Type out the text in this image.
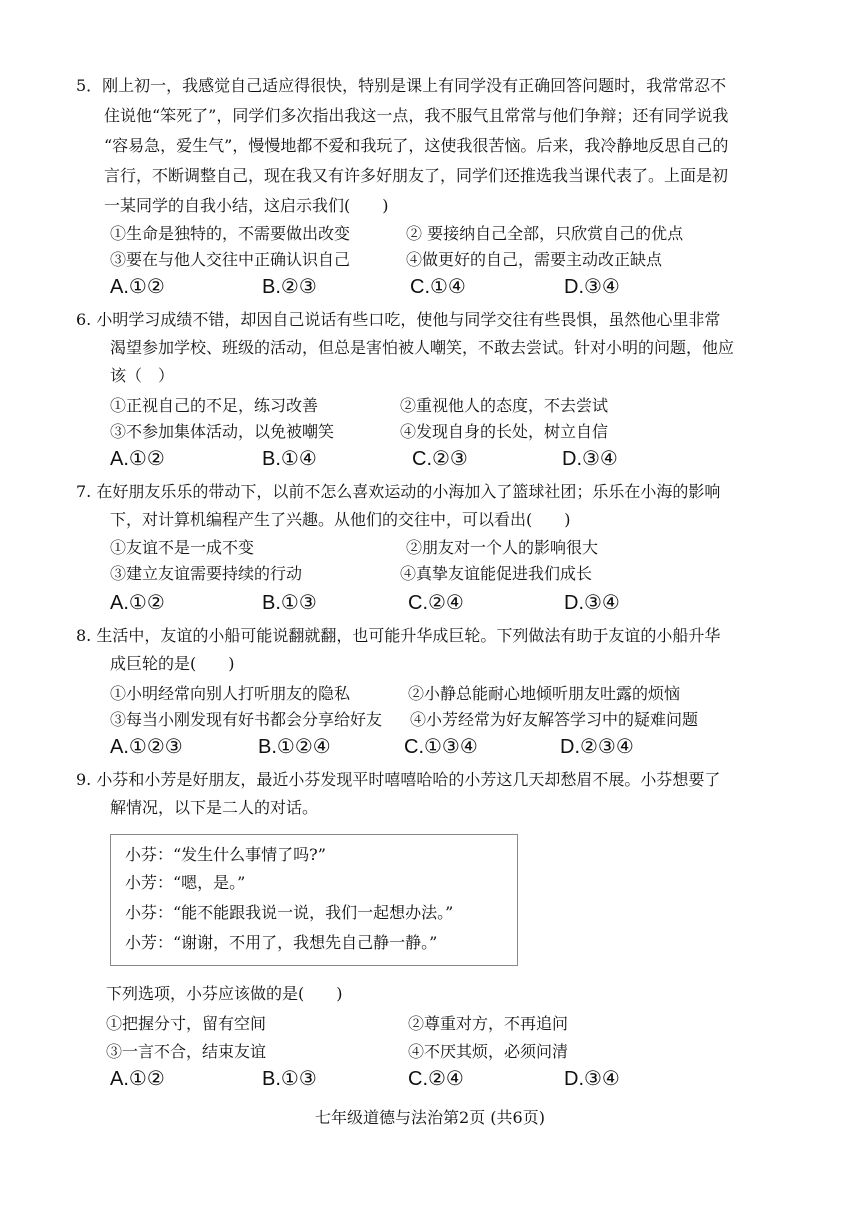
5．刚上初一，我感觉自己适应得很快，特别是课上有同学没有正确回答问题时，我常常忍不
住说他“笨死了”，同学们多次指出我这一点，我不服气且常常与他们争辩；还有同学说我
“容易急，爱生气”，慢慢地都不爱和我玩了，这使我很苦恼。后来，我冷静地反思自己的
言行，不断调整自己，现在我又有许多好朋友了，同学们还推选我当课代表了。上面是初
一某同学的自我小结，这启示我们(　　)
①生命是独特的，不需要做出改变	② 要接纳自己全部，只欣赏自己的优点
③要在与他人交往中正确认识自己	④做更好的自己，需要主动改正缺点
A.①②	B.②③	C.①④	D.③④
6. 小明学习成绩不错，却因自己说话有些口吃，使他与同学交往有些畏惧，虽然他心里非常
渴望参加学校、班级的活动，但总是害怕被人嘲笑，不敢去尝试。针对小明的问题，他应
该（　）
①正视自己的不足，练习改善	②重视他人的态度，不去尝试
③不参加集体活动，以免被嘲笑	④发现自身的长处，树立自信
A.①②	B.①④	C.②③	D.③④
7. 在好朋友乐乐的带动下，以前不怎么喜欢运动的小海加入了篮球社团；乐乐在小海的影响
下，对计算机编程产生了兴趣。从他们的交往中，可以看出(　　)
①友谊不是一成不变	②朋友对一个人的影响很大
③建立友谊需要持续的行动	④真挚友谊能促进我们成长
A.①②	B.①③	C.②④	D.③④
8. 生活中，友谊的小船可能说翻就翻，也可能升华成巨轮。下列做法有助于友谊的小船升华
成巨轮的是(　　)
①小明经常向别人打听朋友的隐私	②小静总能耐心地倾听朋友吐露的烦恼
③每当小刚发现有好书都会分享给好友 ④小芳经常为好友解答学习中的疑难问题
A.①②③	B.①②④	C.①③④	D.②③④
9. 小芬和小芳是好朋友，最近小芬发现平时嘻嘻哈哈的小芳这几天却愁眉不展。小芬想要了
解情况，以下是二人的对话。
小芬：“发生什么事情了吗?”
小芳：“嗯，是。”
小芬：“能不能跟我说一说，我们一起想办法。”
小芳：“谢谢，不用了，我想先自己静一静。”
下列选项，小芬应该做的是(　　)
①把握分寸，留有空间	②尊重对方，不再追问
③一言不合，结束友谊	④不厌其烦，必须问清
A.①②	B.①③	C.②④	D.③④
七年级道德与法治第2页 (共6页)
